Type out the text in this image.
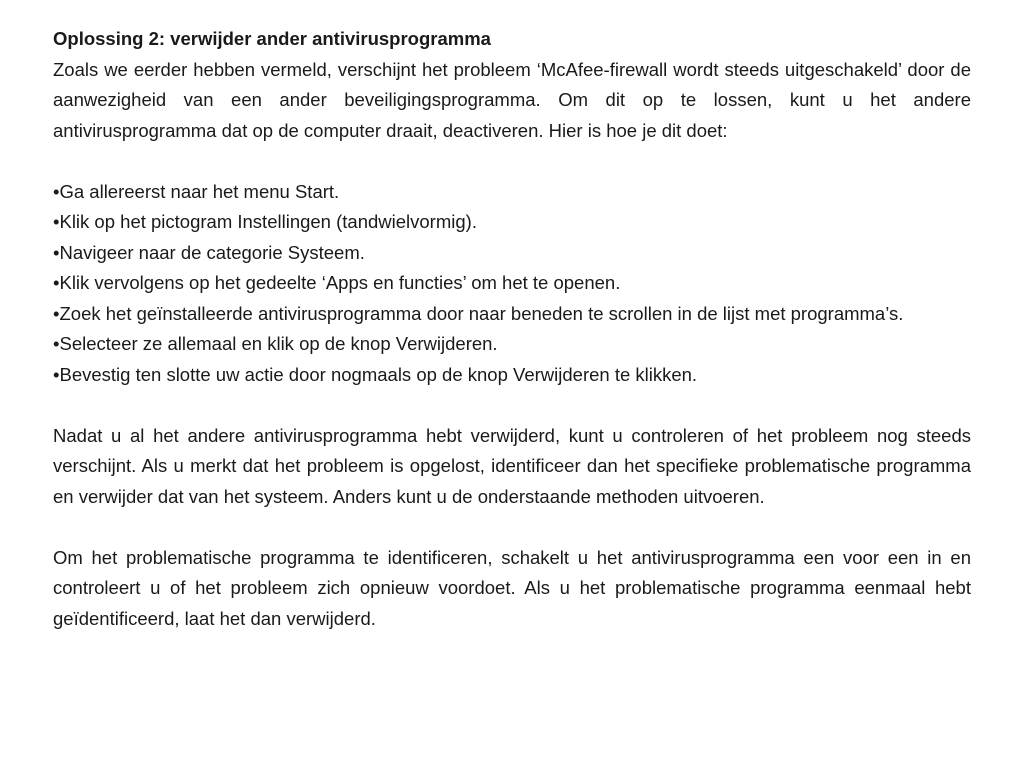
Oplossing 2: verwijder ander antivirusprogramma

Zoals we eerder hebben vermeld, verschijnt het probleem ‘McAfee-firewall wordt steeds uitgeschakeld’ door de aanwezigheid van een ander beveiligingsprogramma. Om dit op te lossen, kunt u het andere antivirusprogramma dat op de computer draait, deactiveren. Hier is hoe je dit doet:

•Ga allereerst naar het menu Start.
•Klik op het pictogram Instellingen (tandwielvormig).
•Navigeer naar de categorie Systeem.
•Klik vervolgens op het gedeelte ‘Apps en functies’ om het te openen.
•Zoek het geïnstalleerde antivirusprogramma door naar beneden te scrollen in de lijst met programma’s.
•Selecteer ze allemaal en klik op de knop Verwijderen.
•Bevestig ten slotte uw actie door nogmaals op de knop Verwijderen te klikken.

Nadat u al het andere antivirusprogramma hebt verwijderd, kunt u controleren of het probleem nog steeds verschijnt. Als u merkt dat het probleem is opgelost, identificeer dan het specifieke problematische programma en verwijder dat van het systeem. Anders kunt u de onderstaande methoden uitvoeren.

Om het problematische programma te identificeren, schakelt u het antivirusprogramma een voor een in en controleert u of het probleem zich opnieuw voordoet. Als u het problematische programma eenmaal hebt geïdentificeerd, laat het dan verwijderd.
